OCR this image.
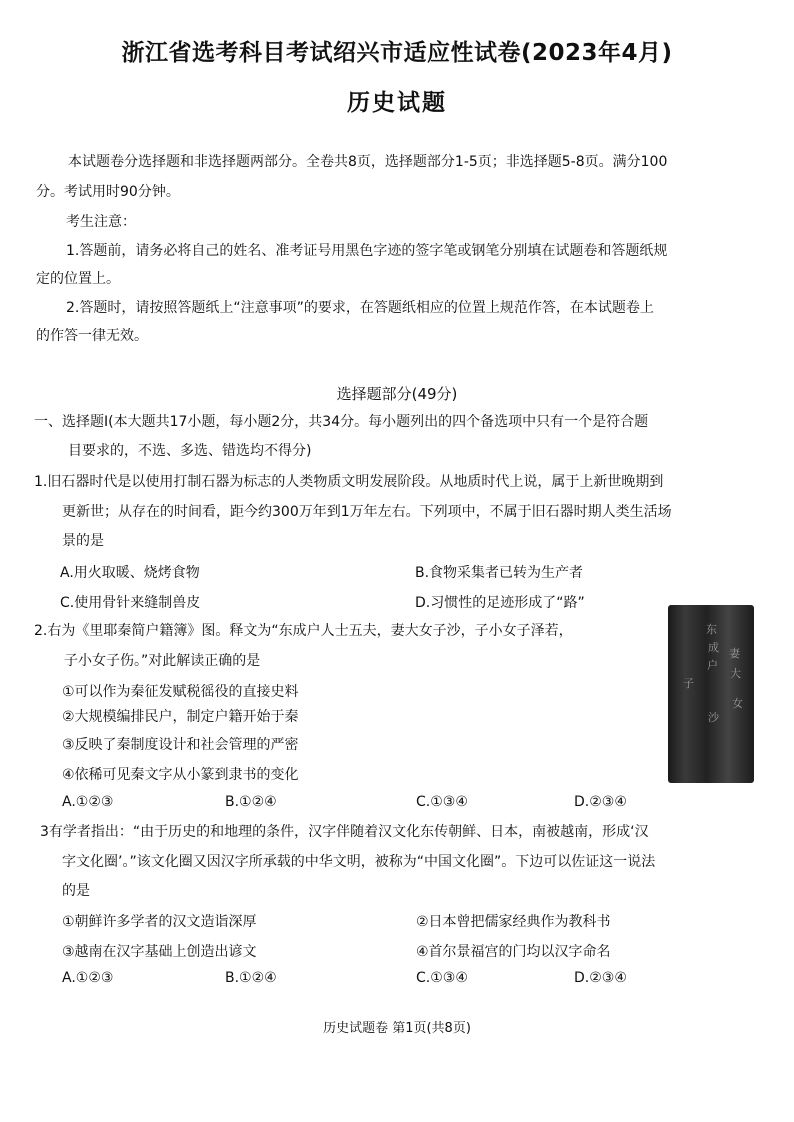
浙江省选考科目考试绍兴市适应性试卷(2023年4月)
历史试题
本试题卷分选择题和非选择题两部分。全卷共8页，选择题部分1-5页；非选择题5-8页。满分100
分。考试用时90分钟。
考生注意：
1.答题前，请务必将自己的姓名、准考证号用黑色字迹的签字笔或钢笔分别填在试题卷和答题纸规
定的位置上。
2.答题时，请按照答题纸上“注意事项”的要求，在答题纸相应的位置上规范作答，在本试题卷上
的作答一律无效。
选择题部分(49分)
一、选择题I(本大题共17小题，每小题2分，共34分。每小题列出的四个备选项中只有一个是符合题
目要求的，不选、多选、错选均不得分)
1.旧石器时代是以使用打制石器为标志的人类物质文明发展阶段。从地质时代上说，属于上新世晚期到
更新世；从存在的时间看，距今约300万年到1万年左右。下列项中，不属于旧石器时期人类生活场
景的是
A.用火取暖、烧烤食物	B.食物采集者已转为生产者
C.使用骨针来缝制兽皮	D.习惯性的足迹形成了“路”
2.右为《里耶秦简户籍簿》图。释文为“东成户人士五夫，妻大女子沙，子小女子泽若，
子小女子伤。”对此解读正确的是
①可以作为秦征发赋税徭役的直接史料
②大规模编排民户，制定户籍开始于秦
③反映了秦制度设计和社会管理的严密
④依稀可见秦文字从小篆到隶书的变化
A.①②③	B.①②④	C.①③④	D.②③④
东
成
户
妻
大
子
女
沙
3有学者指出：“由于历史的和地理的条件，汉字伴随着汉文化东传朝鲜、日本，南被越南，形成‘汉
字文化圈’。”该文化圈又因汉字所承载的中华文明，被称为“中国文化圈”。下边可以佐证这一说法
的是
①朝鲜许多学者的汉文造诣深厚	②日本曾把儒家经典作为教科书
③越南在汉字基础上创造出谚文	④首尔景福宫的门均以汉字命名
A.①②③	B.①②④	C.①③④	D.②③④
历史试题卷 第1页(共8页)
